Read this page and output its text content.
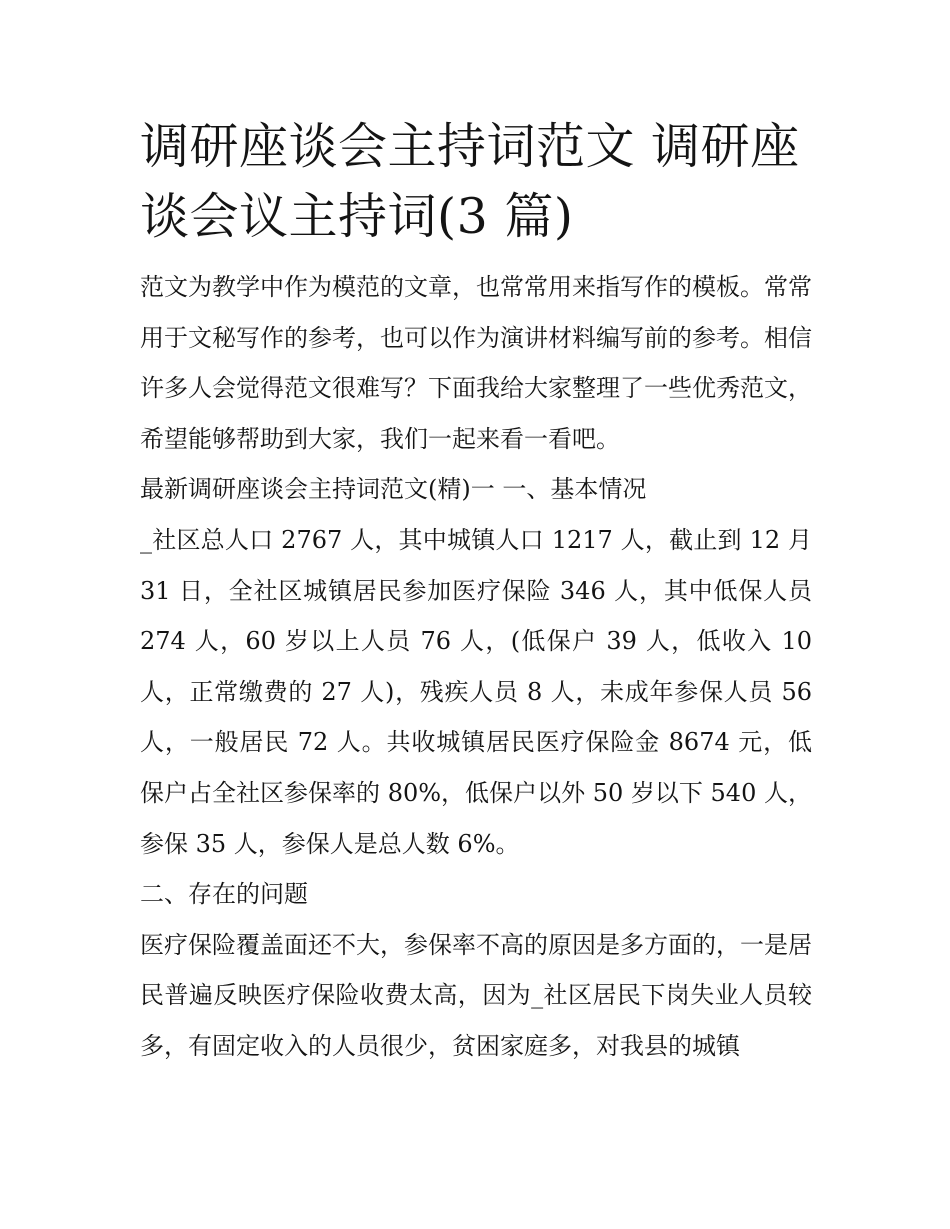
调研座谈会主持词范文 调研座谈会议主持词(3 篇)

范文为教学中作为模范的文章，也常常用来指写作的模板。常常用于文秘写作的参考，也可以作为演讲材料编写前的参考。相信许多人会觉得范文很难写？下面我给大家整理了一些优秀范文，希望能够帮助到大家，我们一起来看一看吧。

最新调研座谈会主持词范文(精)一 一、基本情况

_社区总人口 2767 人，其中城镇人口 1217 人，截止到 12 月 31 日，全社区城镇居民参加医疗保险 346 人，其中低保人员 274 人，60 岁以上人员 76 人，(低保户 39 人，低收入 10 人，正常缴费的 27 人)，残疾人员 8 人，未成年参保人员 56 人，一般居民 72 人。共收城镇居民医疗保险金 8674 元，低保户占全社区参保率的 80%，低保户以外 50 岁以下 540 人，参保 35 人，参保人是总人数 6%。

二、存在的问题

医疗保险覆盖面还不大，参保率不高的原因是多方面的，一是居民普遍反映医疗保险收费太高，因为_社区居民下岗失业人员较多，有固定收入的人员很少，贫困家庭多，对我县的城镇
